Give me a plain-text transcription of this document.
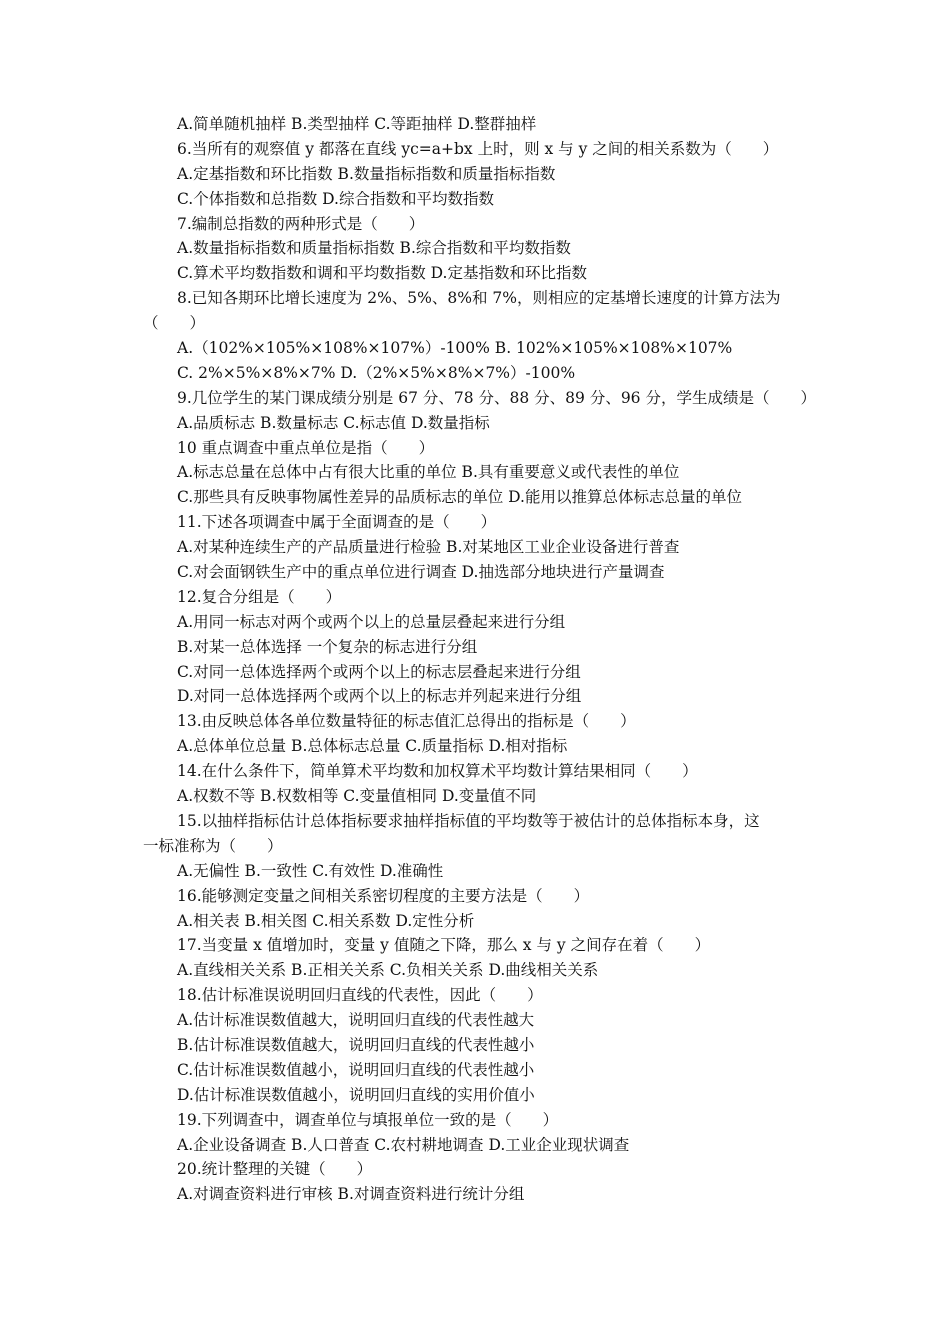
A.简单随机抽样 B.类型抽样 C.等距抽样 D.整群抽样
6.当所有的观察值 y 都落在直线 yc=a+bx 上时，则 x 与 y 之间的相关系数为（　　）
A.定基指数和环比指数 B.数量指标指数和质量指标指数
C.个体指数和总指数 D.综合指数和平均数指数
7.编制总指数的两种形式是（　　）
A.数量指标指数和质量指标指数 B.综合指数和平均数指数
C.算术平均数指数和调和平均数指数 D.定基指数和环比指数
8.已知各期环比增长速度为 2%、5%、8%和 7%，则相应的定基增长速度的计算方法为
（　　）
A.（102%×105%×108%×107%）-100% B. 102%×105%×108%×107%
C. 2%×5%×8%×7% D.（2%×5%×8%×7%）-100%
9.几位学生的某门课成绩分别是 67 分、78 分、88 分、89 分、96 分，学生成绩是（　　）
A.品质标志 B.数量标志 C.标志值 D.数量指标
10 重点调查中重点单位是指（　　）
A.标志总量在总体中占有很大比重的单位 B.具有重要意义或代表性的单位
C.那些具有反映事物属性差异的品质标志的单位 D.能用以推算总体标志总量的单位
11.下述各项调查中属于全面调查的是（　　）
A.对某种连续生产的产品质量进行检验 B.对某地区工业企业设备进行普查
C.对会面钢铁生产中的重点单位进行调查 D.抽选部分地块进行产量调查
12.复合分组是（　　）
A.用同一标志对两个或两个以上的总量层叠起来进行分组
B.对某一总体选择 一个复杂的标志进行分组
C.对同一总体选择两个或两个以上的标志层叠起来进行分组
D.对同一总体选择两个或两个以上的标志并列起来进行分组
13.由反映总体各单位数量特征的标志值汇总得出的指标是（　　）
A.总体单位总量 B.总体标志总量 C.质量指标 D.相对指标
14.在什么条件下，简单算术平均数和加权算术平均数计算结果相同（　　）
A.权数不等 B.权数相等 C.变量值相同 D.变量值不同
15.以抽样指标估计总体指标要求抽样指标值的平均数等于被估计的总体指标本身，这
一标准称为（　　）
A.无偏性 B.一致性 C.有效性 D.准确性
16.能够测定变量之间相关系密切程度的主要方法是（　　）
A.相关表 B.相关图 C.相关系数 D.定性分析
17.当变量 x 值增加时，变量 y 值随之下降，那么 x 与 y 之间存在着（　　）
A.直线相关关系 B.正相关关系 C.负相关关系 D.曲线相关关系
18.估计标准误说明回归直线的代表性，因此（　　）
A.估计标准误数值越大，说明回归直线的代表性越大
B.估计标准误数值越大，说明回归直线的代表性越小
C.估计标准误数值越小，说明回归直线的代表性越小
D.估计标准误数值越小，说明回归直线的实用价值小
19.下列调查中，调查单位与填报单位一致的是（　　）
A.企业设备调查 B.人口普查 C.农村耕地调查 D.工业企业现状调查
20.统计整理的关键（　　）
A.对调查资料进行审核 B.对调查资料进行统计分组
